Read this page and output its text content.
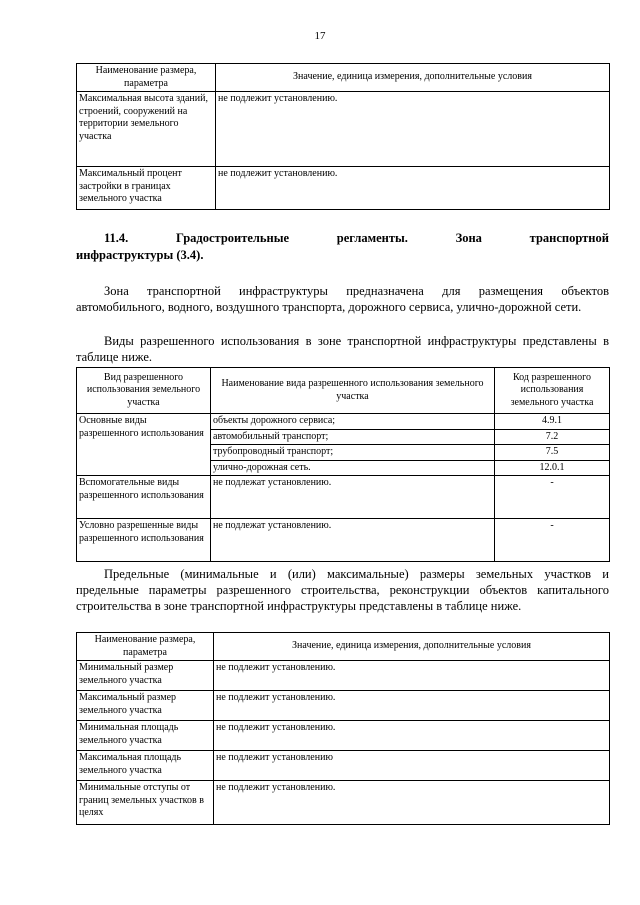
17
Наименование размера, параметра	Значение, единица измерения, дополнительные условия
Максимальная высота зданий, строений, сооружений на территории земельного участка	не подлежит установлению.
Максимальный процент застройки в границах земельного участка	не подлежит установлению.
11.4.	Градостроительные	регламенты.	Зона	транспортной
инфраструктуры (3.4).
Зона транспортной инфраструктуры предназначена для размещения объектов автомобильного, водного, воздушного транспорта, дорожного сервиса, улично-дорожной сети.
Виды разрешенного использования в зоне транспортной инфраструктуры представлены в таблице ниже.
Вид разрешенного использования земельного участка	Наименование вида разрешенного использования земельного участка	Код разрешенного использования земельного участка
Основные виды разрешенного использования	объекты дорожного сервиса;	4.9.1
	автомобильный транспорт;	7.2
	трубопроводный транспорт;	7.5
	улично-дорожная сеть.	12.0.1
Вспомогательные виды разрешенного использования	не подлежат установлению.	-
Условно разрешенные виды разрешенного использования	не подлежат установлению.	-
Предельные (минимальные и (или) максимальные) размеры земельных участков и предельные параметры разрешенного строительства, реконструкции объектов капитального строительства в зоне транспортной инфраструктуры представлены в таблице ниже.
Наименование размера, параметра	Значение, единица измерения, дополнительные условия
Минимальный размер земельного участка	не подлежит установлению.
Максимальный размер земельного участка	не подлежит установлению.
Минимальная площадь земельного участка	не подлежит установлению.
Максимальная площадь земельного участка	не подлежит установлению
Минимальные отступы от границ земельных участков в целях	не подлежит установлению.
